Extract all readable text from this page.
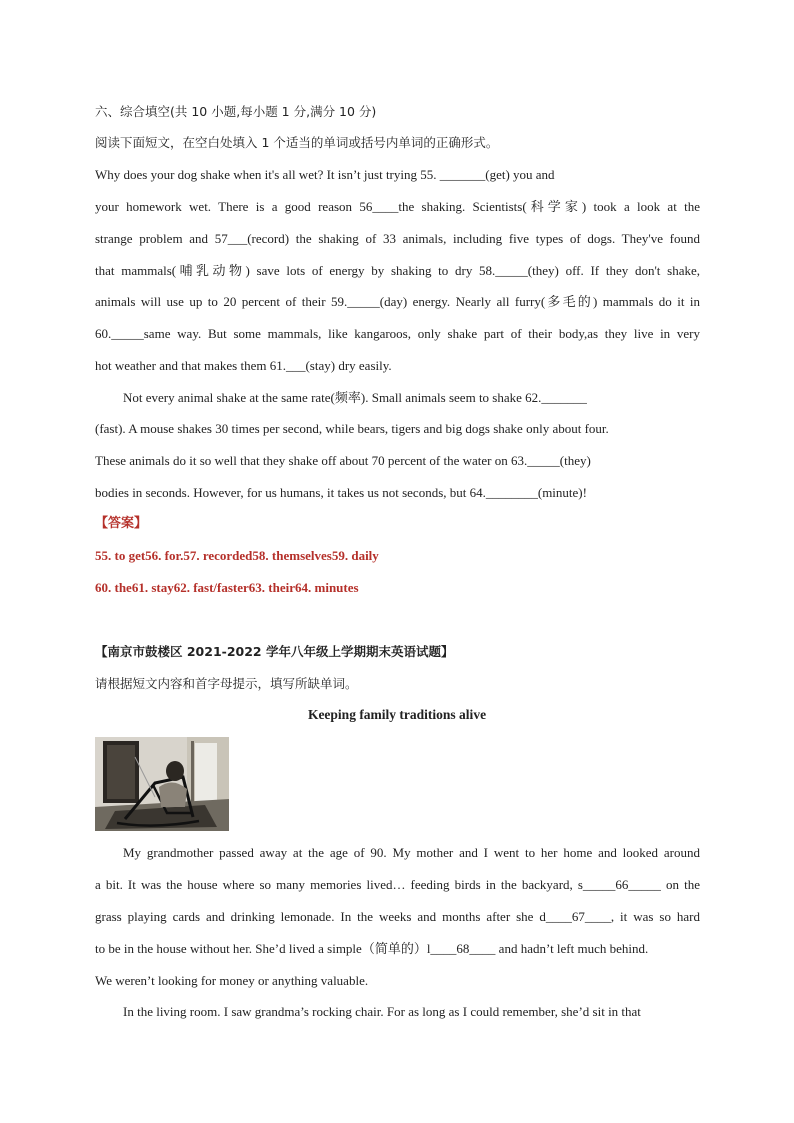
六、综合填空(共 10 小题,每小题 1 分,满分 10 分)
阅读下面短文，在空白处填入 1 个适当的单词或括号内单词的正确形式。
Why does your dog shake when it's all wet? It isn’t just trying 55. _______(get) you and
your homework wet. There is a good reason 56____the shaking. Scientists(科学家) took a look at the
strange problem and 57___(record) the shaking of 33 animals, including five types of dogs. They've found
that mammals(哺乳动物) save lots of energy by shaking to dry 58._____(they) off. If they don't shake,
animals will use up to 20 percent of their 59._____(day) energy. Nearly all furry(多毛的) mammals do it in
60._____same way. But some mammals, like kangaroos, only shake part of their body,as they live in very
hot weather and that makes them 61.___(stay) dry easily.
Not every animal shake at the same rate(频率). Small animals seem to shake 62._______
(fast). A mouse shakes 30 times per second, while bears, tigers and big dogs shake only about four.
These animals do it so well that they shake off about 70 percent of the water on 63._____(they)
bodies in seconds. However, for us humans, it takes us not seconds, but 64.________(minute)!
【答案】
55. to get56. for.57. recorded58. themselves59. daily
60. the61. stay62. fast/faster63. their64. minutes
【南京市鼓楼区 2021-2022 学年八年级上学期期末英语试题】
请根据短文内容和首字母提示，填写所缺单词。
Keeping family traditions alive
My grandmother passed away at the age of 90. My mother and I went to her home and looked around
a bit. It was the house where so many memories lived… feeding birds in the backyard, s_____66_____ on the
grass playing cards and drinking lemonade. In the weeks and months after she d____67____, it was so hard
to be in the house without her. She’d lived a simple（简单的）l____68____ and hadn’t left much behind.
We weren’t looking for money or anything valuable.
In the living room. I saw grandma’s rocking chair. For as long as I could remember, she’d sit in that
